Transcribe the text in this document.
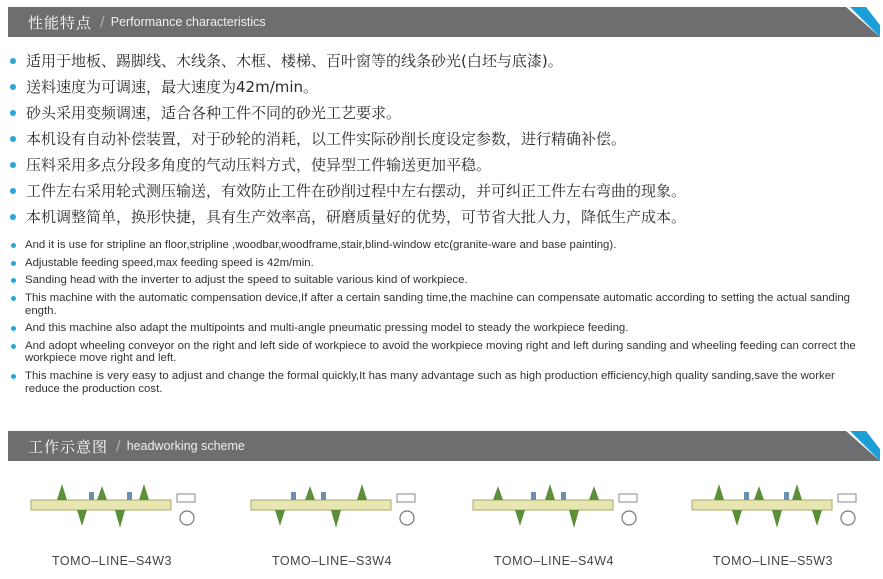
性能特点 / Performance characteristics
适用于地板、踢脚线、木线条、木框、楼梯、百叶窗等的线条砂光(白坯与底漆)。
送料速度为可调速，最大速度为42m/min。
砂头采用变频调速，适合各种工件不同的砂光工艺要求。
本机设有自动补偿装置，对于砂轮的消耗，以工件实际砂削长度设定参数，进行精确补偿。
压料采用多点分段多角度的气动压料方式，使异型工件输送更加平稳。
工件左右采用轮式测压输送，有效防止工件在砂削过程中左右摆动，并可纠正工件左右弯曲的现象。
本机调整简单，换形快捷，具有生产效率高，研磨质量好的优势，可节省大批人力，降低生产成本。
And it is use for stripline an floor,stripline ,woodbar,woodframe,stair,blind-window etc(granite-ware and base painting).
Adjustable feeding speed,max feeding speed is 42m/min.
Sanding head with the inverter to adjust the speed to suitable various kind of workpiece.
This machine with the automatic compensation device,If after a certain sanding time,the machine can compensate automatic according to setting the actual sanding ength.
And this machine also adapt the multipoints and multi-angle pneumatic pressing model to steady the workpiece feeding.
And adopt wheeling conveyor on the right and left side of workpiece to avoid the workpiece moving right and left during sanding and wheeling feeding can correct the workpiece move right and left.
This machine is very easy to adjust and change the formal quickly,It has many advantage such as high production efficiency,high quality sanding,save the worker reduce the production cost.
工作示意图 / headworking scheme
TOMO–LINE–S4W3	TOMO–LINE–S3W4	TOMO–LINE–S4W4	TOMO–LINE–S5W3
